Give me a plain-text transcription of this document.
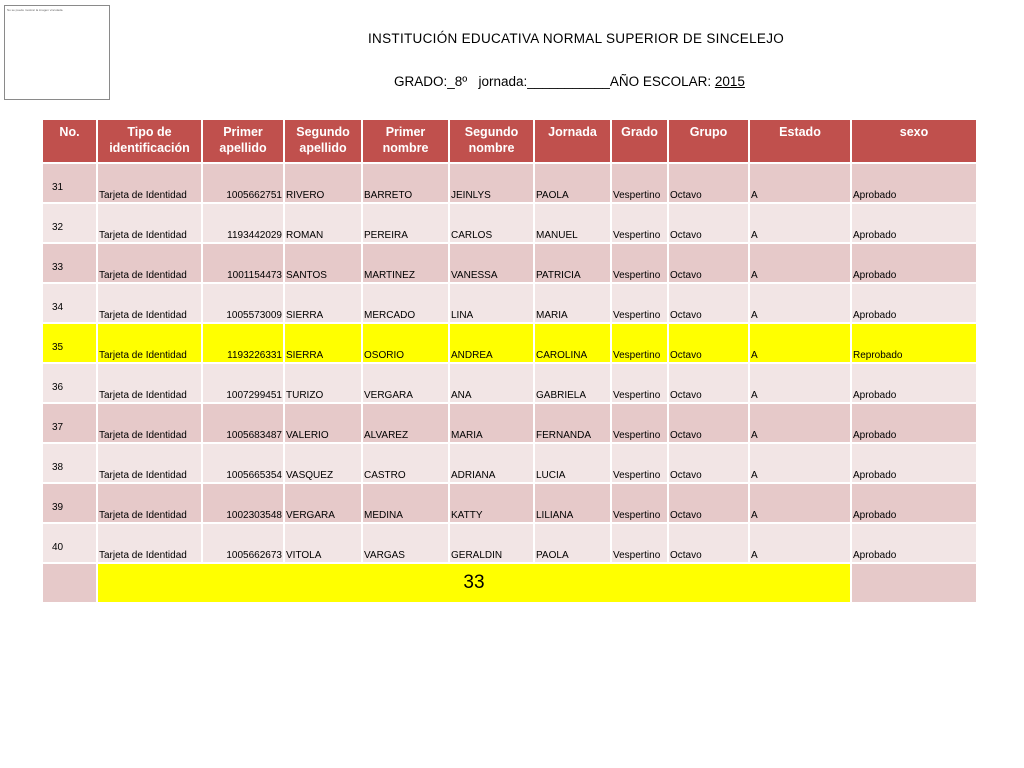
No se puede mostrar la imagen vinculada.
INSTITUCIÓN EDUCATIVA NORMAL SUPERIOR DE SINCELEJO
GRADO:_8º jornada:___________AÑO ESCOLAR: 2015
No.	Tipo de identificación	Primer apellido	Segundo apellido	Primer nombre	Segundo nombre	Jornada	Grado	Grupo	Estado	sexo
31	Tarjeta de Identidad	1005662751	RIVERO	BARRETO	JEINLYS	PAOLA	Vespertino	Octavo	A	Aprobado
32	Tarjeta de Identidad	1193442029	ROMAN	PEREIRA	CARLOS	MANUEL	Vespertino	Octavo	A	Aprobado
33	Tarjeta de Identidad	1001154473	SANTOS	MARTINEZ	VANESSA	PATRICIA	Vespertino	Octavo	A	Aprobado
34	Tarjeta de Identidad	1005573009	SIERRA	MERCADO	LINA	MARIA	Vespertino	Octavo	A	Aprobado
35	Tarjeta de Identidad	1193226331	SIERRA	OSORIO	ANDREA	CAROLINA	Vespertino	Octavo	A	Reprobado
36	Tarjeta de Identidad	1007299451	TURIZO	VERGARA	ANA	GABRIELA	Vespertino	Octavo	A	Aprobado
37	Tarjeta de Identidad	1005683487	VALERIO	ALVAREZ	MARIA	FERNANDA	Vespertino	Octavo	A	Aprobado
38	Tarjeta de Identidad	1005665354	VASQUEZ	CASTRO	ADRIANA	LUCIA	Vespertino	Octavo	A	Aprobado
39	Tarjeta de Identidad	1002303548	VERGARA	MEDINA	KATTY	LILIANA	Vespertino	Octavo	A	Aprobado
40	Tarjeta de Identidad	1005662673	VITOLA	VARGAS	GERALDIN	PAOLA	Vespertino	Octavo	A	Aprobado
	33									
